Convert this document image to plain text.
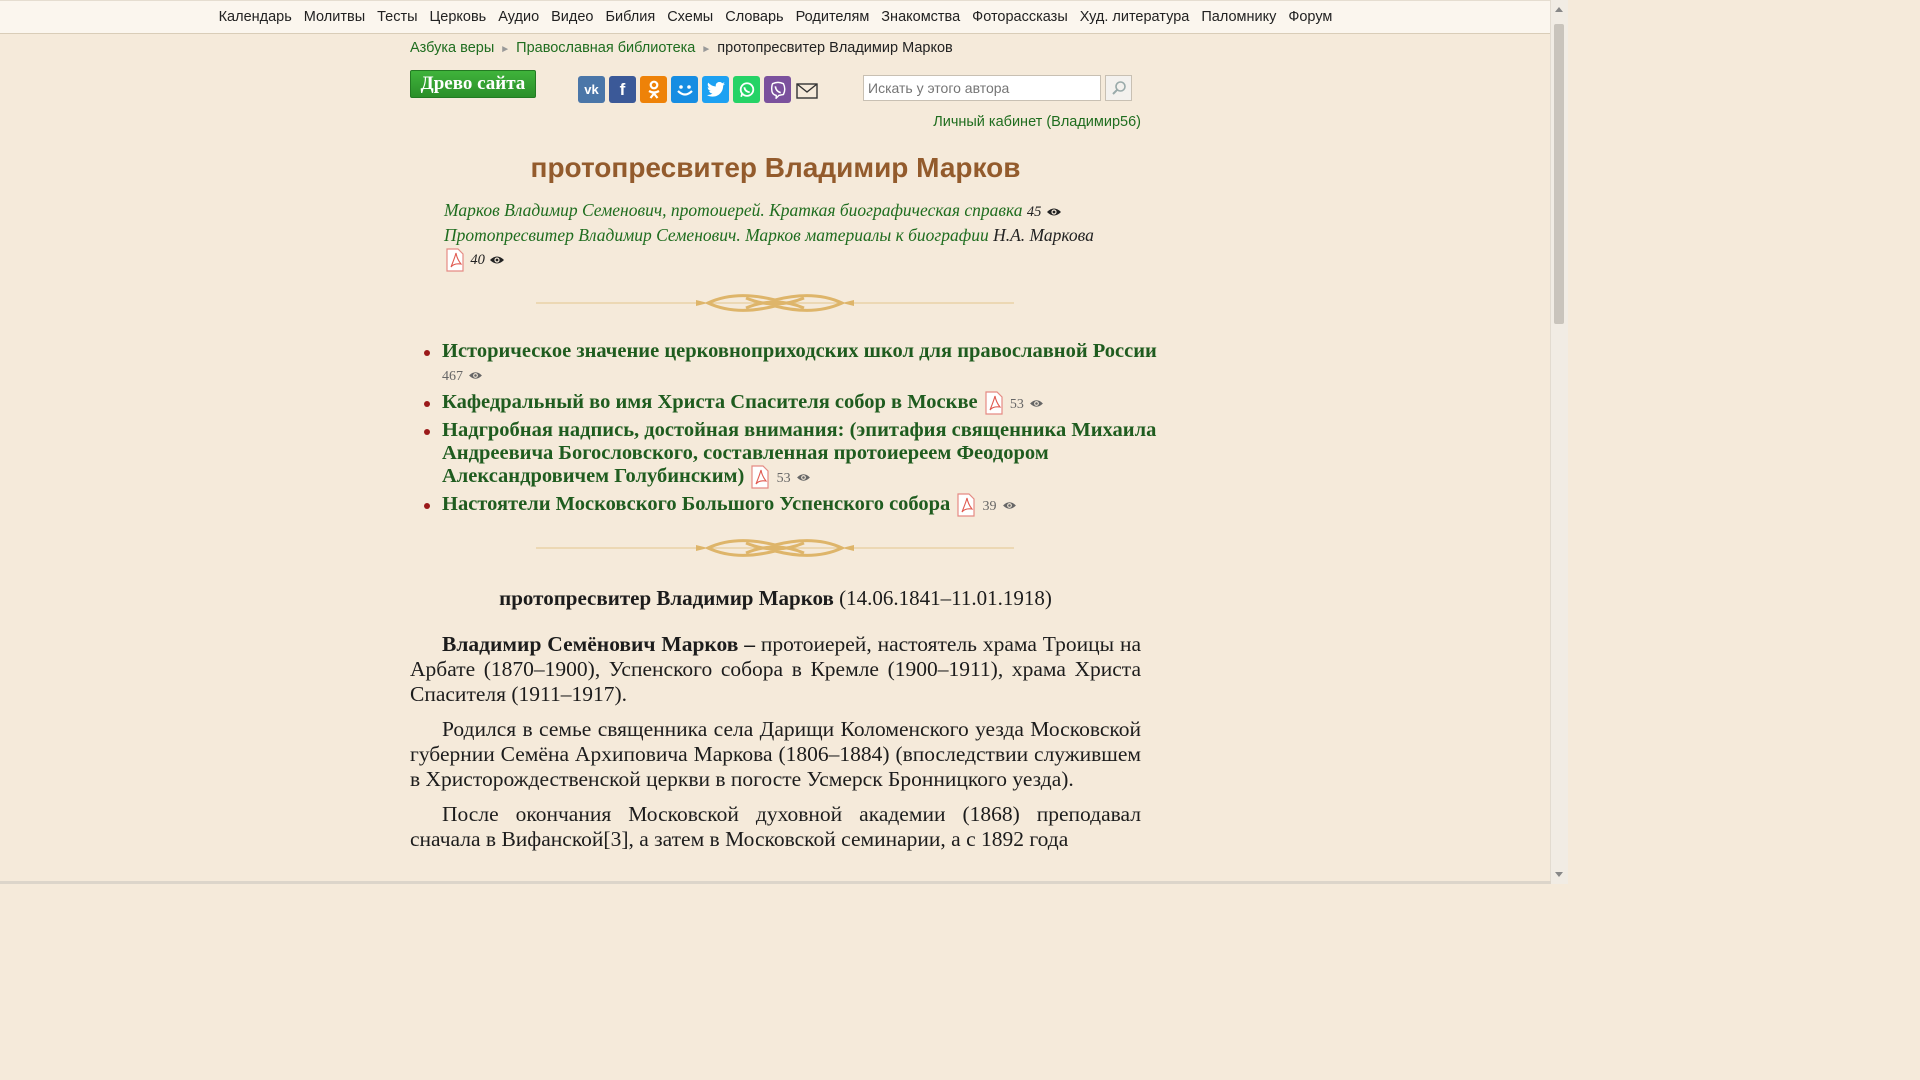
Календарь Молитвы Тесты Церковь Аудио Видео Библия Схемы Словарь Родителям Знакомства Фоторассказы Худ. литература Паломнику Форум
Азбука веры ► Православная библиотека ► протопресвитер Владимир Марков
Древо сайта	vk	f
Искать у этого автора
Личный кабинет (Владимир56)
протопресвитер Владимир Марков
Марков Владимир Семенович, протоиерей. Краткая биографическая справка 45
Протопресвитер Владимир Семенович. Марков материалы к биографии Н.А. Маркова
40
Историческое значение церковноприходских школ для православной России 467
Кафедральный во имя Христа Спасителя собор в Москве 53
Надгробная надпись, достойная внимания: (эпитафия священника Михаила Андреевича Богословского, составленная протоиереем Феодором Александровичем Голубинским) 53
Настоятели Московского Большого Успенского собора 39
протопресвитер Владимир Марков (14.06.1841–11.01.1918)

Владимир Семёнович Марков – протоиерей, настоятель храма Троицы на Арбате (1870–1900), Успенского собора в Кремле (1900–1911), храма Христа Спасителя (1911–1917).

Родился в семье священника села Дарищи Коломенского уезда Московской губернии Семёна Архиповича Маркова (1806–1884) (впоследствии служившем в Христорождественской церкви в погосте Усмерск Бронницкого уезда).

После окончания Московской духовной академии (1868) преподавал сначала в Вифанской[3], а затем в Московской семинарии, а с 1892 года
